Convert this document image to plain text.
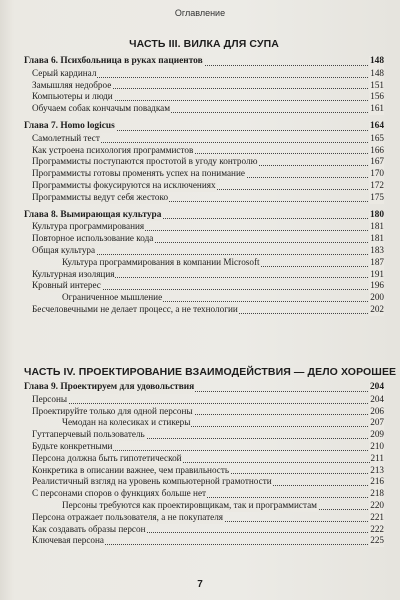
Оглавление
ЧАСТЬ III. ВИЛКА ДЛЯ СУПА
Глава 6. Психбольница в руках пациентов	148
Серый кардинал	148
Замышляя недоброе	151
Компьютеры и люди	156
Обучаем собак кончачым повадкам	161
Глава 7. Homo logicus	164
Самолетный тест	165
Как устроена психология программистов	166
Программисты поступаются простотой в угоду контролю	167
Программисты готовы променять успех на понимание	170
Программисты фокусируются на исключениях	172
Программисты ведут себя жестоко	175
Глава 8. Вымирающая культура	180
Культура программирования	181
Повторное использование кода	181
Общая культура	183
Культура программирования в компании Microsoft	187
Культурная изоляция	191
Кровный интерес	196
Ограниченное мышление	200
Бесчеловечными не делает процесс, а не технологии	202
ЧАСТЬ IV. ПРОЕКТИРОВАНИЕ ВЗАИМОДЕЙСТВИЯ — ДЕЛО ХОРОШЕЕ
Глава 9. Проектируем для удовольствия	204
Персоны	204
Проектируйте только для одной персоны	206
Чемодан на колесиках и стикеры	207
Гуттаперчевый пользователь	209
Будьте конкретными	210
Персона должна быть гипотетической	211
Конкретика в описании важнее, чем правильность	213
Реалистичный взгляд на уровень компьютерной грамотности	216
С персонами споров о функциях больше нет	218
Персоны требуются как проектировщикам, так и программистам	220
Персона отражает пользователя, а не покупателя	221
Как создавать образы персон	222
Ключевая персона	225
7
